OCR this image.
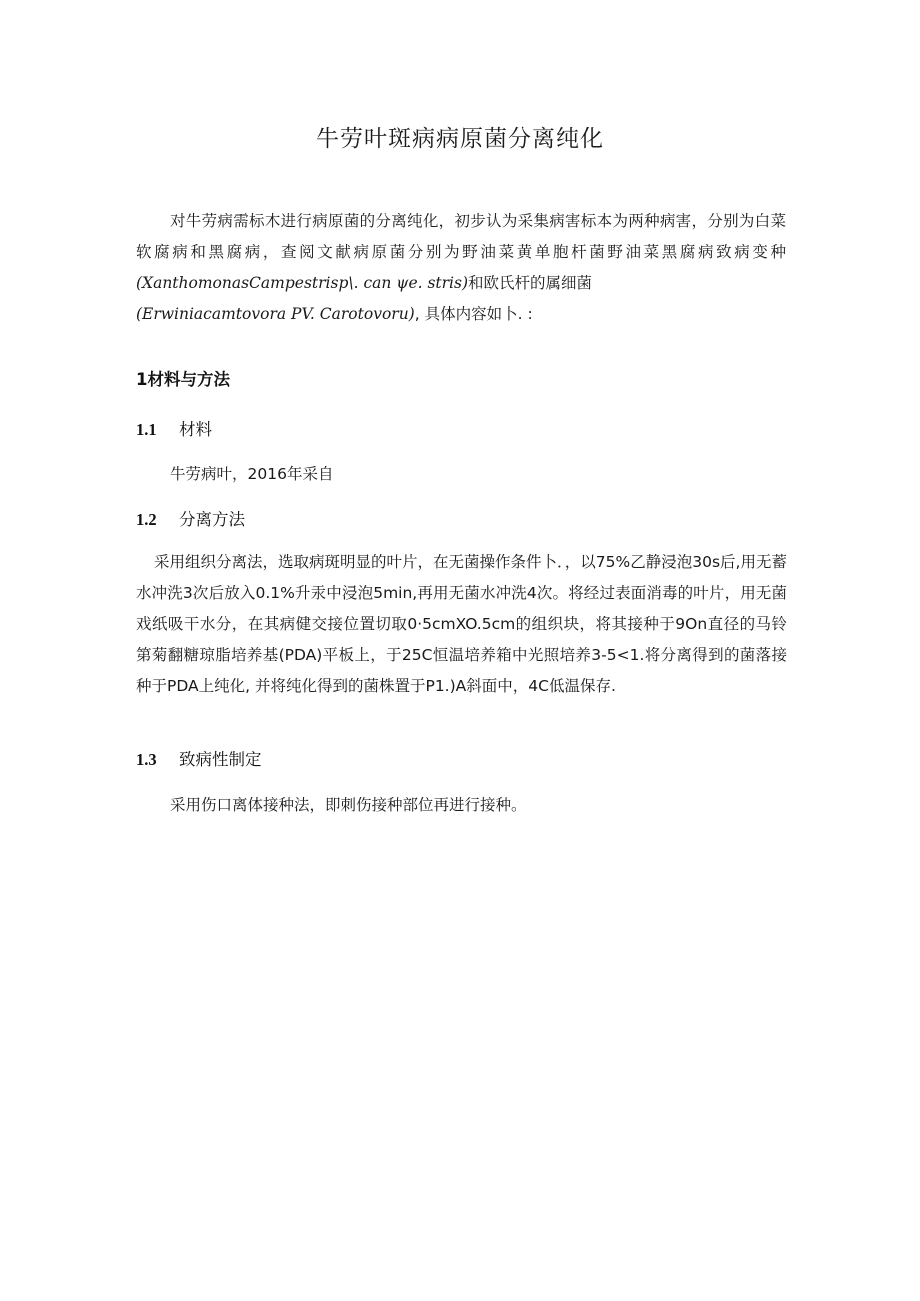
牛劳叶斑病病原菌分离纯化

对牛劳病需标木进行病原菌的分离纯化，初步认为采集病害标本为两种病害，分别为白菜软腐病和黑腐病，查阅文献病原菌分别为野油菜黄单胞杆菌野油菜黑腐病致病变种(XanthomonasCampestrisp\. can ψe. stris)和欧氏杆的属细菌
(Erwiniacamtovora PV. Carotovoru), 具体内容如卜. :

1材料与方法
1.1 材料
牛劳病叶，2016年采自
1.2 分离方法

采用组织分离法，选取病斑明显的叶片，在无菌操作条件卜．，以75%乙静浸泡30s后,用无蓄水冲洗3次后放入0.1%升汞中浸泡5min,再用无菌水冲洗4次。将经过表面消毒的叶片，用无菌戏纸吸干水分，在其病健交接位置切取0·5cmXO.5cm的组织块，将其接种于9On直径的马铃第菊翻糖琼脂培养基(PDA)平板上，于25C恒温培养箱中光照培养3-5<1.将分离得到的菌落接种于PDA上纯化, 并将纯化得到的菌株置于P1.)A斜面中，4C低温保存.

1.3 致病性制定
采用伤口离体接种法，即刺伤接种部位再进行接种。
